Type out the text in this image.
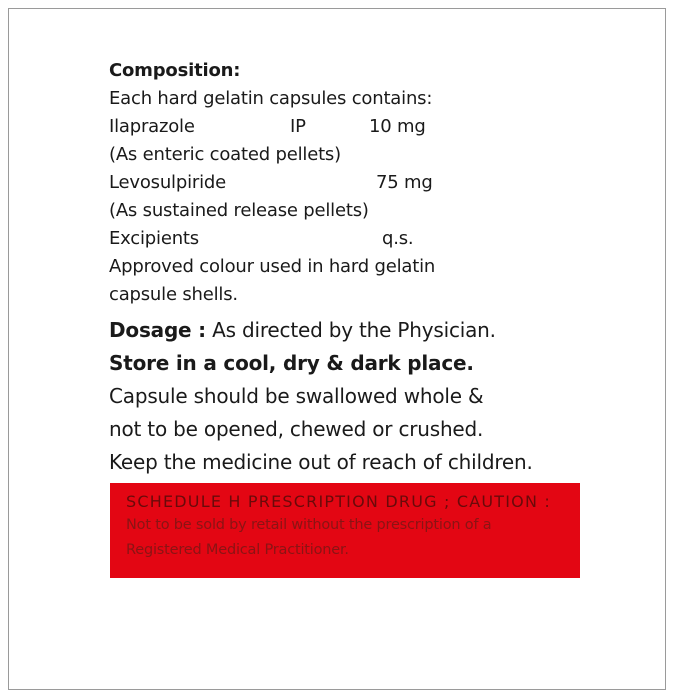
Composition:
Each hard gelatin capsules contains:
Ilaprazole	IP	10 mg
(As enteric coated pellets)
Levosulpiride	75 mg
(As sustained release pellets)
Excipients	q.s.
Approved colour used in hard gelatin
capsule shells.
Dosage : As directed by the Physician.
Store in a cool, dry & dark place.
Capsule should be swallowed whole &
not to be opened, chewed or crushed.
Keep the medicine out of reach of children.
SCHEDULE H PRESCRIPTION DRUG ; CAUTION :
Not to be sold by retail without the prescription of a
Registered Medical Practitioner.
